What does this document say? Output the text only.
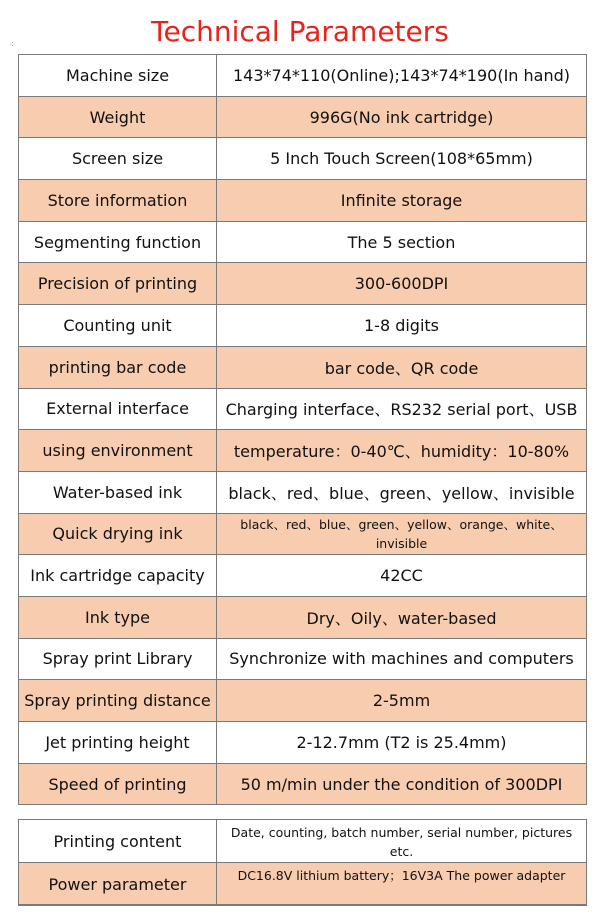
Technical Parameters
⁘
Machine size	143*74*110(Online);143*74*190(In hand)
Weight	996G(No ink cartridge)
Screen size	5 Inch Touch Screen(108*65mm)
Store information	Infinite storage
Segmenting function	The 5 section
Precision of printing	300-600DPI
Counting unit	1-8 digits
printing bar code	bar code、QR code
External interface	Charging interface、RS232 serial port、USB
using environment	temperature：0-40℃、humidity：10-80%
Water-based ink	black、red、blue、green、yellow、invisible
Quick drying ink	black、red、blue、green、yellow、orange、white、invisible
Ink cartridge capacity	42CC
Ink type	Dry、Oily、water-based
Spray print Library	Synchronize with machines and computers
Spray printing distance	2-5mm
Jet printing height	2-12.7mm (T2 is 25.4mm)
Speed of printing	50 m/min under the condition of 300DPI
Printing content	Date, counting, batch number, serial number, pictures etc.
Power parameter	DC16.8V lithium battery；16V3A The power adapter
